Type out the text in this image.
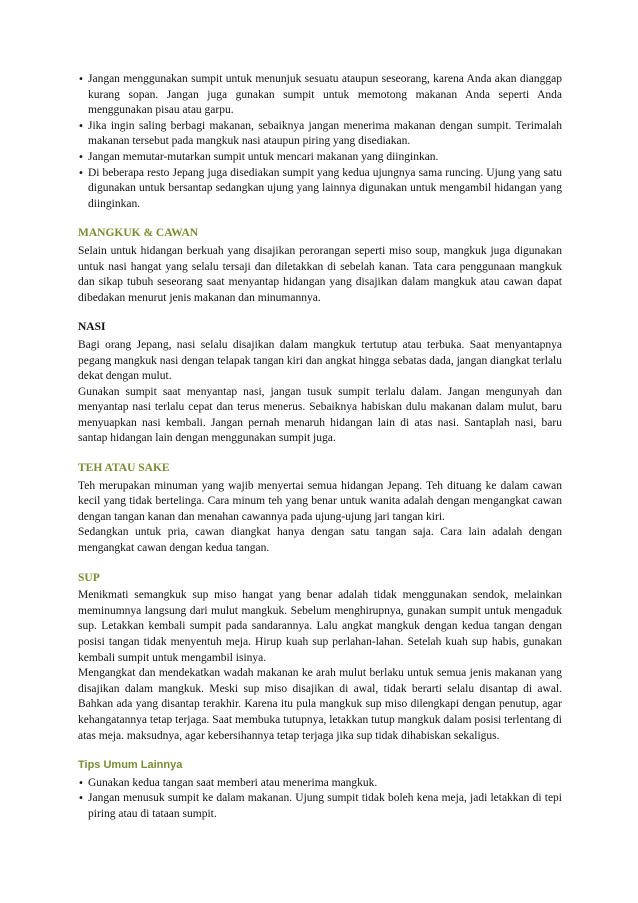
• Jangan menggunakan sumpit untuk menunjuk sesuatu ataupun seseorang, karena Anda akan dianggap kurang sopan. Jangan juga gunakan sumpit untuk memotong makanan Anda seperti Anda menggunakan pisau atau garpu.
• Jika ingin saling berbagi makanan, sebaiknya jangan menerima makanan dengan sumpit. Terimalah makanan tersebut pada mangkuk nasi ataupun piring yang disediakan.
• Jangan memutar-mutarkan sumpit untuk mencari makanan yang diinginkan.
• Di beberapa resto Jepang juga disediakan sumpit yang kedua ujungnya sama runcing. Ujung yang satu digunakan untuk bersantap sedangkan ujung yang lainnya digunakan untuk mengambil hidangan yang diinginkan.
MANGKUK & CAWAN

Selain untuk hidangan berkuah yang disajikan perorangan seperti miso soup, mangkuk juga digunakan untuk nasi hangat yang selalu tersaji dan diletakkan di sebelah kanan. Tata cara penggunaan mangkuk dan sikap tubuh seseorang saat menyantap hidangan yang disajikan dalam mangkuk atau cawan dapat dibedakan menurut jenis makanan dan minumannya.

NASI

Bagi orang Jepang, nasi selalu disajikan dalam mangkuk tertutup atau terbuka. Saat menyantapnya pegang mangkuk nasi dengan telapak tangan kiri dan angkat hingga sebatas dada, jangan diangkat terlalu dekat dengan mulut.

Gunakan sumpit saat menyantap nasi, jangan tusuk sumpit terlalu dalam. Jangan mengunyah dan menyantap nasi terlalu cepat dan terus menerus. Sebaiknya habiskan dulu makanan dalam mulut, baru menyuapkan nasi kembali. Jangan pernah menaruh hidangan lain di atas nasi. Santaplah nasi, baru santap hidangan lain dengan menggunakan sumpit juga.

TEH ATAU SAKE

Teh merupakan minuman yang wajib menyertai semua hidangan Jepang. Teh dituang ke dalam cawan kecil yang tidak bertelinga. Cara minum teh yang benar untuk wanita adalah dengan mengangkat cawan dengan tangan kanan dan menahan cawannya pada ujung-ujung jari tangan kiri.

Sedangkan untuk pria, cawan diangkat hanya dengan satu tangan saja. Cara lain adalah dengan mengangkat cawan dengan kedua tangan.

SUP

Menikmati semangkuk sup miso hangat yang benar adalah tidak menggunakan sendok, melainkan meminumnya langsung dari mulut mangkuk. Sebelum menghirupnya, gunakan sumpit untuk mengaduk sup. Letakkan kembali sumpit pada sandarannya. Lalu angkat mangkuk dengan kedua tangan dengan posisi tangan tidak menyentuh meja. Hirup kuah sup perlahan-lahan. Setelah kuah sup habis, gunakan kembali sumpit untuk mengambil isinya.

Mengangkat dan mendekatkan wadah makanan ke arah mulut berlaku untuk semua jenis makanan yang disajikan dalam mangkuk. Meski sup miso disajikan di awal, tidak berarti selalu disantap di awal. Bahkan ada yang disantap terakhir. Karena itu pula mangkuk sup miso dilengkapi dengan penutup, agar kehangatannya tetap terjaga. Saat membuka tutupnya, letakkan tutup mangkuk dalam posisi terlentang di atas meja. maksudnya, agar kebersihannya tetap terjaga jika sup tidak dihabiskan sekaligus.

Tips Umum Lainnya
• Gunakan kedua tangan saat memberi atau menerima mangkuk.
• Jangan menusuk sumpit ke dalam makanan. Ujung sumpit tidak boleh kena meja, jadi letakkan di tepi piring atau di tataan sumpit.
